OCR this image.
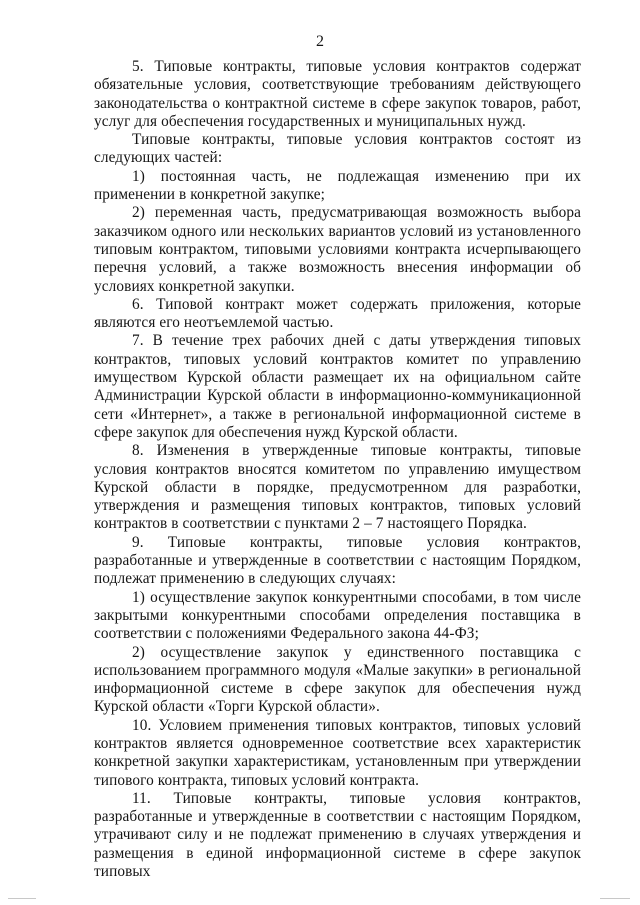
2

5. Типовые контракты, типовые условия контрактов содержат обязательные условия, соответствующие требованиям действующего законодательства о контрактной системе в сфере закупок товаров, работ, услуг для обеспечения государственных и муниципальных нужд.

Типовые контракты, типовые условия контрактов состоят из следующих частей:

1) постоянная часть, не подлежащая изменению при их применении в конкретной закупке;

2) переменная часть, предусматривающая возможность выбора заказчиком одного или нескольких вариантов условий из установленного типовым контрактом, типовыми условиями контракта исчерпывающего перечня условий, а также возможность внесения информации об условиях конкретной закупки.

6. Типовой контракт может содержать приложения, которые являются его неотъемлемой частью.

7. В течение трех рабочих дней с даты утверждения типовых контрактов, типовых условий контрактов комитет по управлению имуществом Курской области размещает их на официальном сайте Администрации Курской области в информационно-коммуникационной сети «Интернет», а также в региональной информационной системе в сфере закупок для обеспечения нужд Курской области.

8. Изменения в утвержденные типовые контракты, типовые условия контрактов вносятся комитетом по управлению имуществом Курской области в порядке, предусмотренном для разработки, утверждения и размещения типовых контрактов, типовых условий контрактов в соответствии с пунктами 2 – 7 настоящего Порядка.

9. Типовые контракты, типовые условия контрактов, разработанные и утвержденные в соответствии с настоящим Порядком, подлежат применению в следующих случаях:

1) осуществление закупок конкурентными способами, в том числе закрытыми конкурентными способами определения поставщика в соответствии с положениями Федерального закона 44-ФЗ;

2) осуществление закупок у единственного поставщика с использованием программного модуля «Малые закупки» в региональной информационной системе в сфере закупок для обеспечения нужд Курской области «Торги Курской области».

10. Условием применения типовых контрактов, типовых условий контрактов является одновременное соответствие всех характеристик конкретной закупки характеристикам, установленным при утверждении типового контракта, типовых условий контракта.

11. Типовые контракты, типовые условия контрактов, разработанные и утвержденные в соответствии с настоящим Порядком, утрачивают силу и не подлежат применению в случаях утверждения и размещения в единой информационной системе в сфере закупок типовых
